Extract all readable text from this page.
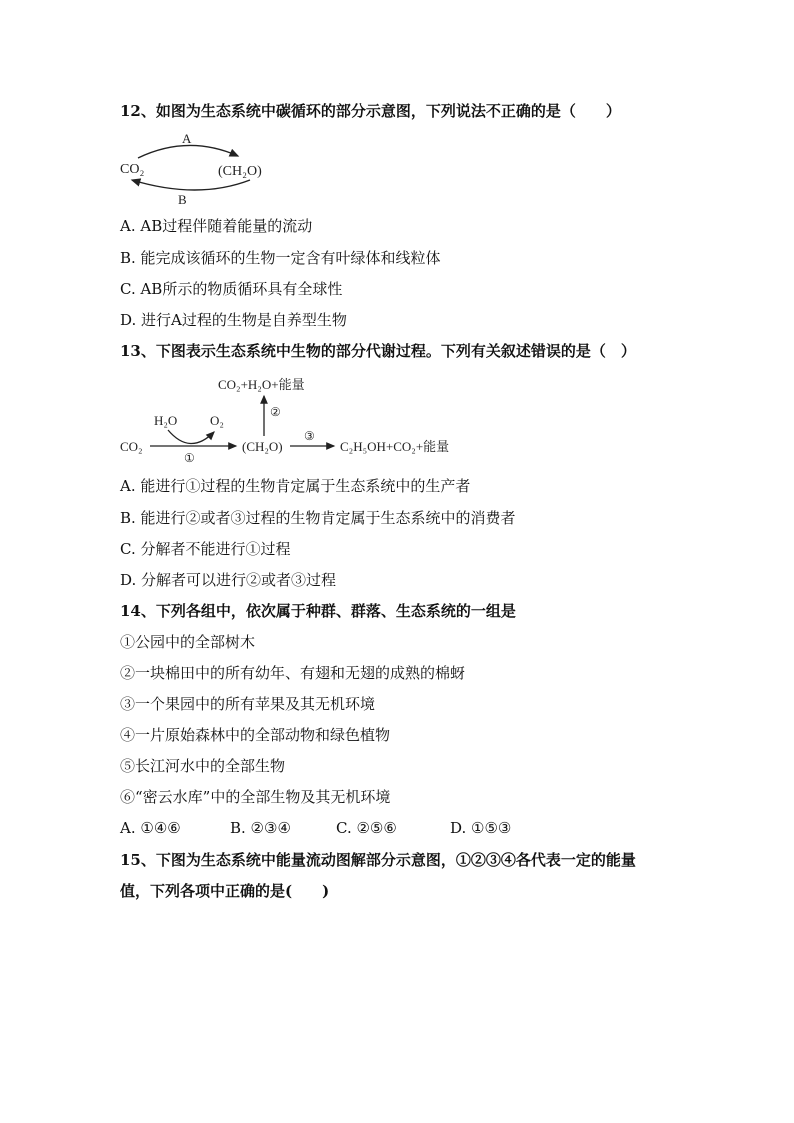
12、如图为生态系统中碳循环的部分示意图，下列说法不正确的是（　　）
CO₂	(CH₂O)
A
B
A. AB过程伴随着能量的流动
B. 能完成该循环的生物一定含有叶绿体和线粒体
C. AB所示的物质循环具有全球性
D. 进行A过程的生物是自养型生物
13、下图表示生态系统中生物的部分代谢过程。下列有关叙述错误的是（　）
CO₂+H₂O+能量
H₂O	O₂
CO₂	(CH₂O)	C₂H₅OH+CO₂+能量
①
②
③
A. 能进行①过程的生物肯定属于生态系统中的生产者
B. 能进行②或者③过程的生物肯定属于生态系统中的消费者
C. 分解者不能进行①过程
D. 分解者可以进行②或者③过程
14、下列各组中，依次属于种群、群落、生态系统的一组是
①公园中的全部树木
②一块棉田中的所有幼年、有翅和无翅的成熟的棉蚜
③一个果园中的所有苹果及其无机环境
④一片原始森林中的全部动物和绿色植物
⑤长江河水中的全部生物
⑥“密云水库”中的全部生物及其无机环境
A. ①④⑥	B. ②③④	C. ②⑤⑥	D. ①⑤③
15、下图为生态系统中能量流动图解部分示意图，①②③④各代表一定的能量
值，下列各项中正确的是(　　)
